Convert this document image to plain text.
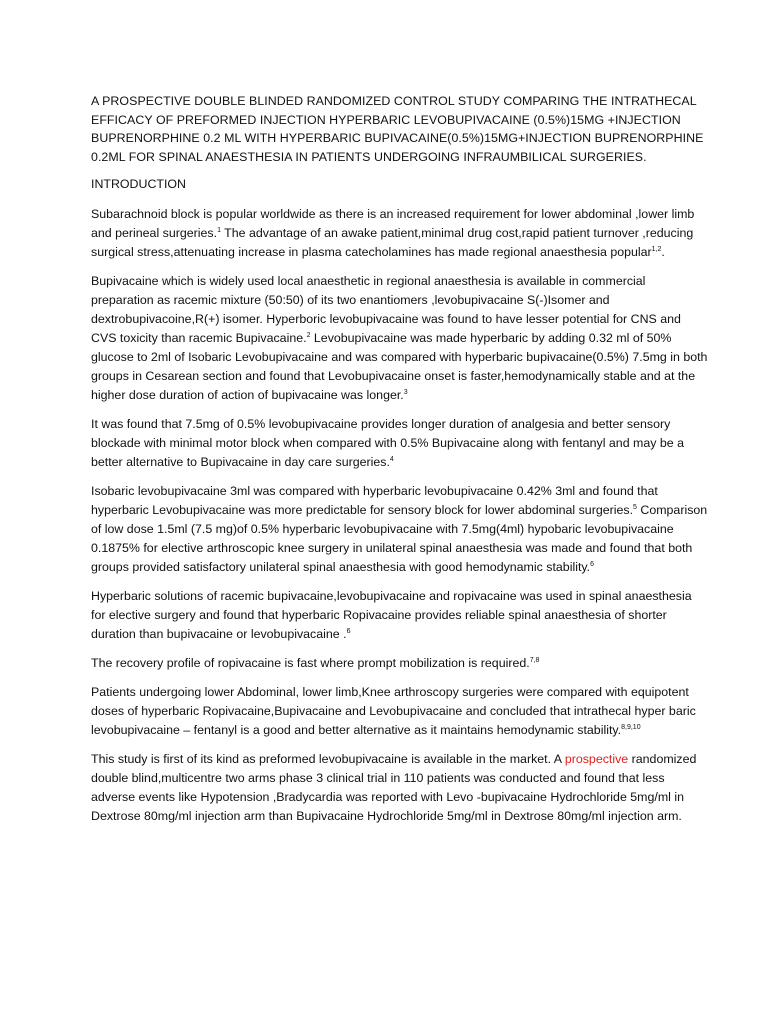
A PROSPECTIVE DOUBLE BLINDED RANDOMIZED CONTROL STUDY COMPARING THE INTRATHECAL EFFICACY OF PREFORMED INJECTION HYPERBARIC LEVOBUPIVACAINE (0.5%)15MG +INJECTION BUPRENORPHINE 0.2 ML WITH HYPERBARIC BUPIVACAINE(0.5%)15MG+INJECTION BUPRENORPHINE 0.2ML FOR SPINAL ANAESTHESIA IN PATIENTS UNDERGOING INFRAUMBILICAL SURGERIES.
INTRODUCTION

Subarachnoid block is popular worldwide as there is an increased requirement for lower abdominal ,lower limb and perineal surgeries.$^1$ The advantage of an awake patient,minimal drug cost,rapid patient turnover ,reducing surgical stress,attenuating increase in plasma catecholamines has made regional anaesthesia popular$^{1,2}$.

Bupivacaine which is widely used local anaesthetic in regional anaesthesia is available in commercial preparation as racemic mixture (50:50) of its two enantiomers ,levobupivacaine S(-)Isomer and dextrobupivacoine,R(+) isomer. Hyperboric levobupivacaine was found to have lesser potential for CNS and CVS toxicity than racemic Bupivacaine.$^2$ Levobupivacaine was made hyperbaric by adding 0.32 ml of 50% glucose to 2ml of Isobaric Levobupivacaine and was compared with hyperbaric bupivacaine(0.5%) 7.5mg in both groups in Cesarean section and found that Levobupivacaine onset is faster,hemodynamically stable and at the higher dose duration of action of bupivacaine was longer.$^3$

It was found that 7.5mg of 0.5% levobupivacaine provides longer duration of analgesia and better sensory blockade with minimal motor block when compared with 0.5% Bupivacaine along with fentanyl and may be a better alternative to Bupivacaine in day care surgeries.$^4$

Isobaric levobupivacaine 3ml was compared with hyperbaric levobupivacaine 0.42% 3ml and found that hyperbaric Levobupivacaine was more predictable for sensory block for lower abdominal surgeries.$^5$ Comparison of low dose 1.5ml (7.5 mg)of 0.5% hyperbaric levobupivacaine with 7.5mg(4ml) hypobaric levobupivacaine 0.1875% for elective arthroscopic knee surgery in unilateral spinal anaesthesia was made and found that both groups provided satisfactory unilateral spinal anaesthesia with good hemodynamic stability.$^6$

Hyperbaric solutions of racemic bupivacaine,levobupivacaine and ropivacaine was used in spinal anaesthesia for elective surgery and found that hyperbaric Ropivacaine provides reliable spinal anaesthesia of shorter duration than bupivacaine or levobupivacaine .$^6$

The recovery profile of ropivacaine is fast where prompt mobilization is required.$^{7,8}$

Patients undergoing lower Abdominal, lower limb,Knee arthroscopy surgeries were compared with equipotent doses of hyperbaric Ropivacaine,Bupivacaine and Levobupivacaine and concluded that intrathecal hyper baric levobupivacaine – fentanyl is a good and better alternative as it maintains hemodynamic stability.$^{8,9,10}$

This study is first of its kind as preformed levobupivacaine is available in the market. A prospective randomized double blind,multicentre two arms phase 3 clinical trial in 110 patients was conducted and found that less adverse events like Hypotension ,Bradycardia was reported with Levo -bupivacaine Hydrochloride 5mg/ml in Dextrose 80mg/ml injection arm than Bupivacaine Hydrochloride 5mg/ml in Dextrose 80mg/ml injection arm.
